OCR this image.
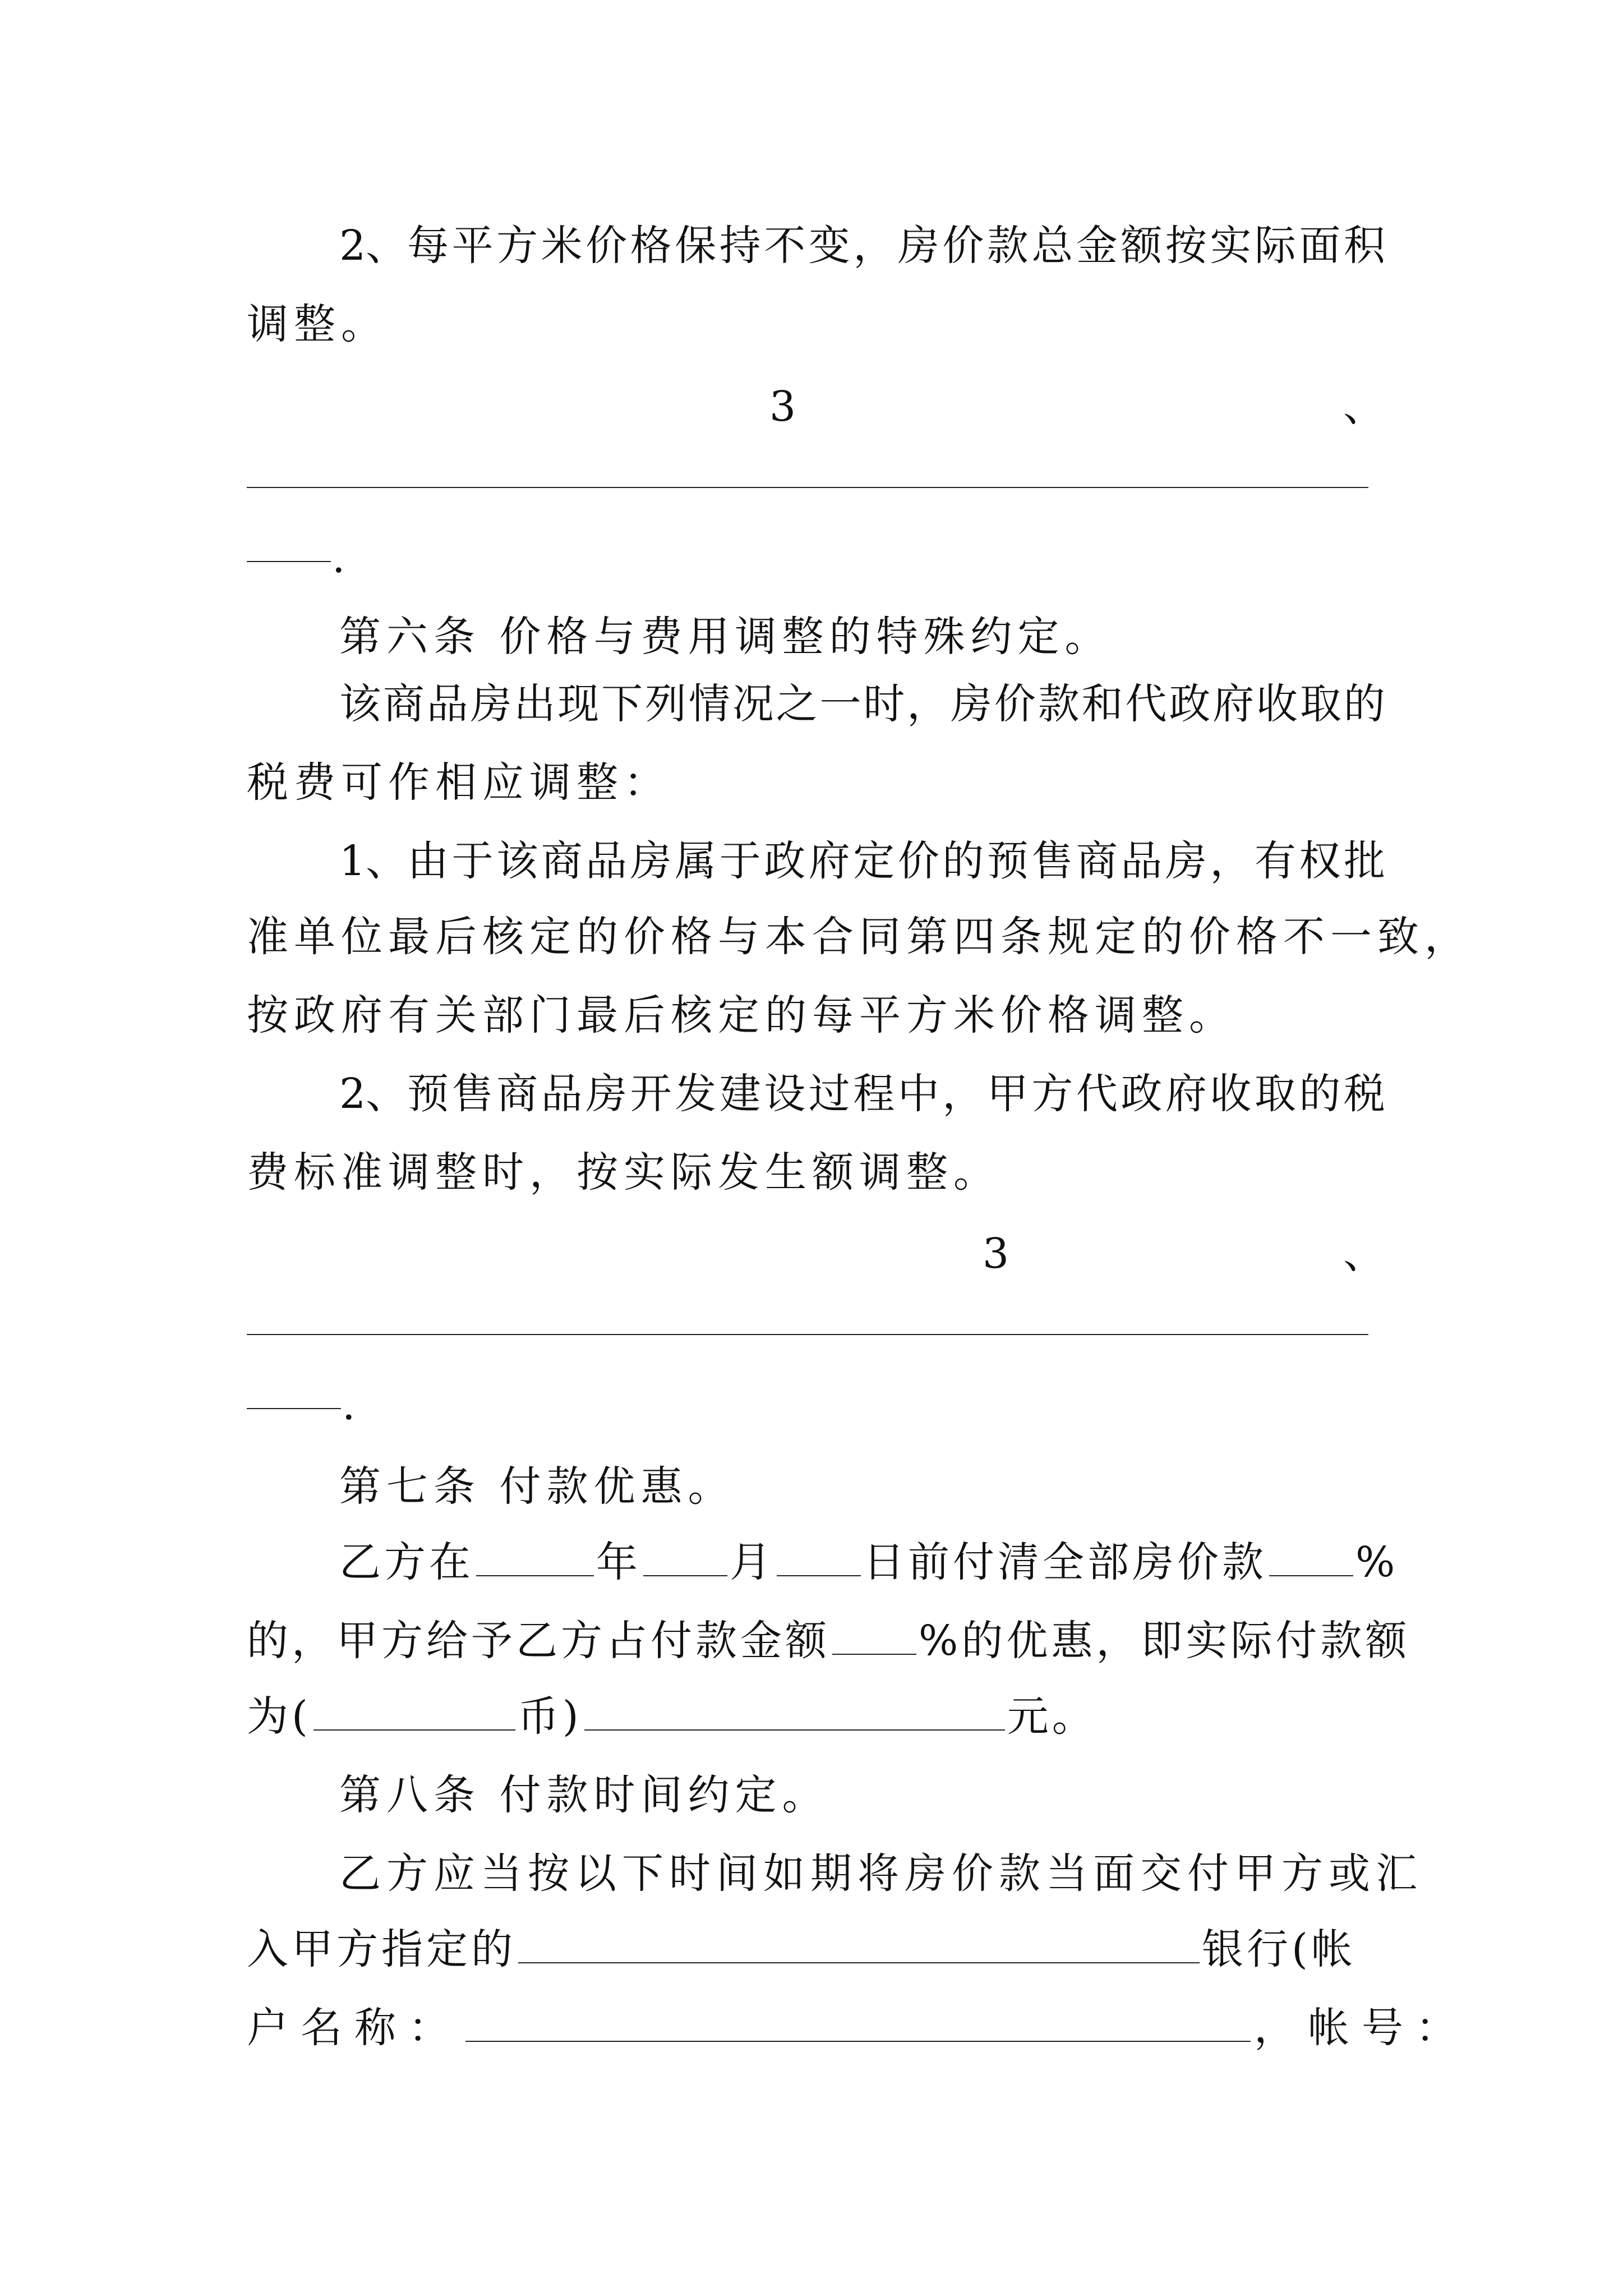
2、每 平 方 米 价 格 保 持 不 变 ， 房 价 款 总 金 额 按 实 际 面 积
调整。
3	、
.
第六条 价格与费用调整的特殊约定。
该 商 品 房 出 现 下 列 情 况 之 一 时 ， 房 价 款 和 代 政 府 收 取 的
税费可作相应调整：
1、由 于 该 商 品 房 属 于 政 府 定 价 的 预 售 商 品 房 ， 有 权 批
准单位最后核定的价格与本合同第四条规定的价格不一致，
按政府有关部门最后核定的每平方米价格调整。
2、预 售 商 品 房 开 发 建 设 过 程 中 ， 甲 方 代 政 府 收 取 的 税
费标准调整时，按实际发生额调整。
3	、
.
第七条 付款优惠。
乙方在	年 月 日前付清全部房价款 %
的，甲方给予乙方占付款金额 %的优惠，即实际付款额
为(	币)	元。
第八条 付款时间约定。
乙方应当按以下时间如期将房价款当面交付甲方或汇
入甲方指定的	银行(帐
户名称：	，帐号：
